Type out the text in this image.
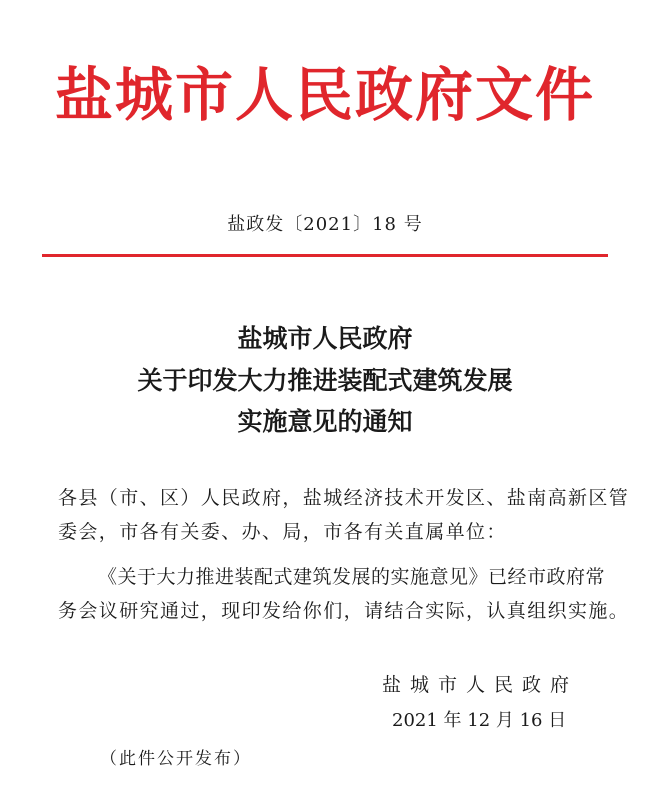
盐城市人民政府文件
盐政发〔2021〕18 号
盐城市人民政府
关于印发大力推进装配式建筑发展
实施意见的通知
各县（市、区）人民政府，盐城经济技术开发区、盐南高新区管
委会，市各有关委、办、局，市各有关直属单位：
《关于大力推进装配式建筑发展的实施意见》已经市政府常
务会议研究通过，现印发给你们，请结合实际，认真组织实施。
盐城市人民政府
2021 年 12 月 16 日
（此件公开发布）
